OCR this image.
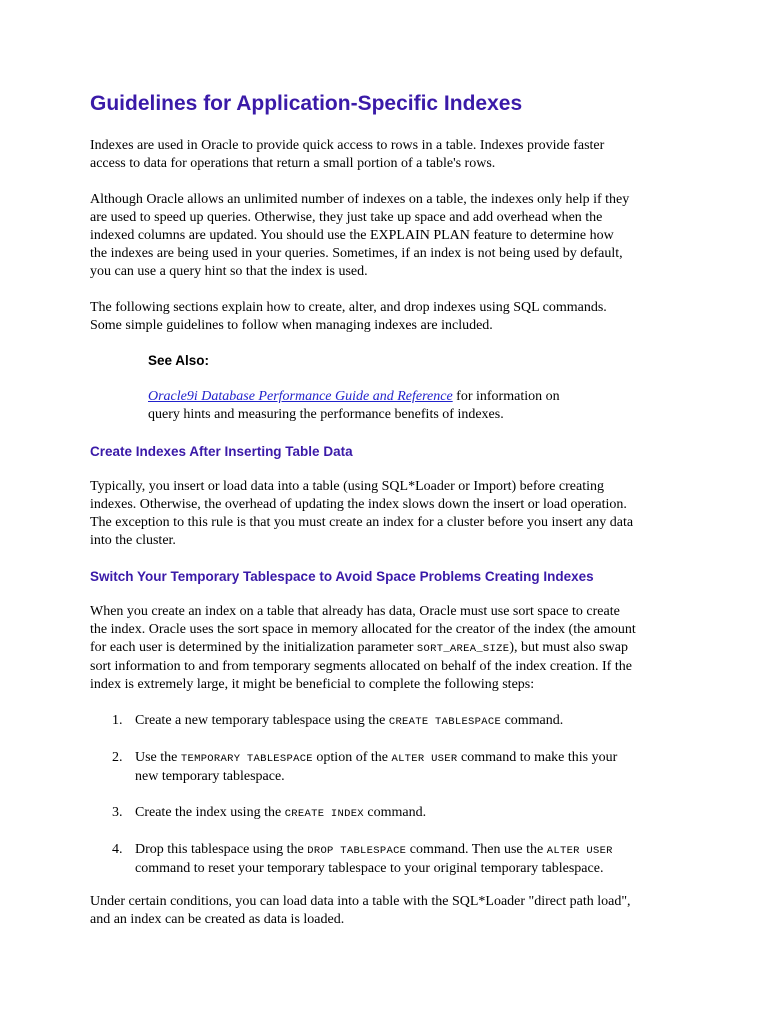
Guidelines for Application-Specific Indexes

Indexes are used in Oracle to provide quick access to rows in a table. Indexes provide faster
access to data for operations that return a small portion of a table's rows.

Although Oracle allows an unlimited number of indexes on a table, the indexes only help if they
are used to speed up queries. Otherwise, they just take up space and add overhead when the
indexed columns are updated. You should use the EXPLAIN PLAN feature to determine how
the indexes are being used in your queries. Sometimes, if an index is not being used by default,
you can use a query hint so that the index is used.

The following sections explain how to create, alter, and drop indexes using SQL commands.
Some simple guidelines to follow when managing indexes are included.

See Also:

Oracle9i Database Performance Guide and Reference for information on
query hints and measuring the performance benefits of indexes.

Create Indexes After Inserting Table Data

Typically, you insert or load data into a table (using SQL*Loader or Import) before creating
indexes. Otherwise, the overhead of updating the index slows down the insert or load operation.
The exception to this rule is that you must create an index for a cluster before you insert any data
into the cluster.

Switch Your Temporary Tablespace to Avoid Space Problems Creating Indexes

When you create an index on a table that already has data, Oracle must use sort space to create
the index. Oracle uses the sort space in memory allocated for the creator of the index (the amount
for each user is determined by the initialization parameter SORT_AREA_SIZE), but must also swap
sort information to and from temporary segments allocated on behalf of the index creation. If the
index is extremely large, it might be beneficial to complete the following steps:

1. Create a new temporary tablespace using the CREATE TABLESPACE command.
2. Use the TEMPORARY TABLESPACE option of the ALTER USER command to make this your
new temporary tablespace.
3. Create the index using the CREATE INDEX command.
4. Drop this tablespace using the DROP TABLESPACE command. Then use the ALTER USER
command to reset your temporary tablespace to your original temporary tablespace.

Under certain conditions, you can load data into a table with the SQL*Loader "direct path load",
and an index can be created as data is loaded.
